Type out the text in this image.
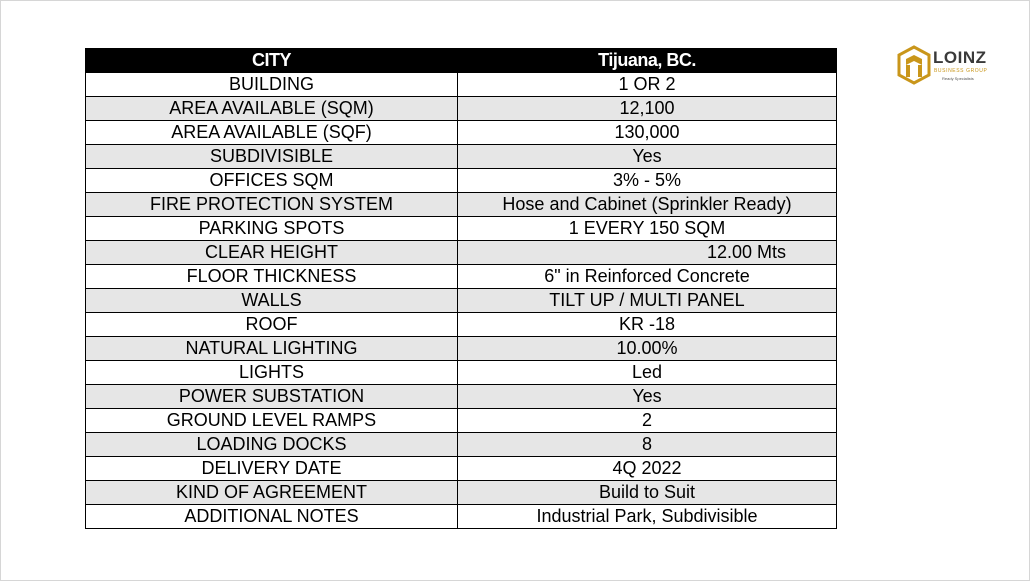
CITY	Tijuana, BC.
BUILDING	1 OR 2
AREA AVAILABLE (SQM)	12,100
AREA AVAILABLE (SQF)	130,000
SUBDIVISIBLE	Yes
OFFICES SQM	3% - 5%
FIRE PROTECTION SYSTEM	Hose and Cabinet (Sprinkler Ready)
PARKING SPOTS	1 EVERY 150 SQM
CLEAR HEIGHT	12.00 Mts
FLOOR THICKNESS	6" in Reinforced Concrete
WALLS	TILT UP / MULTI PANEL
ROOF	KR -18
NATURAL LIGHTING	10.00%
LIGHTS	Led
POWER SUBSTATION	Yes
GROUND LEVEL RAMPS	2
LOADING DOCKS	8
DELIVERY DATE	4Q 2022
KIND OF AGREEMENT	Build to Suit
ADDITIONAL NOTES	Industrial Park, Subdivisible
LOINZ
BUSINESS GROUP
Ready Specialists
